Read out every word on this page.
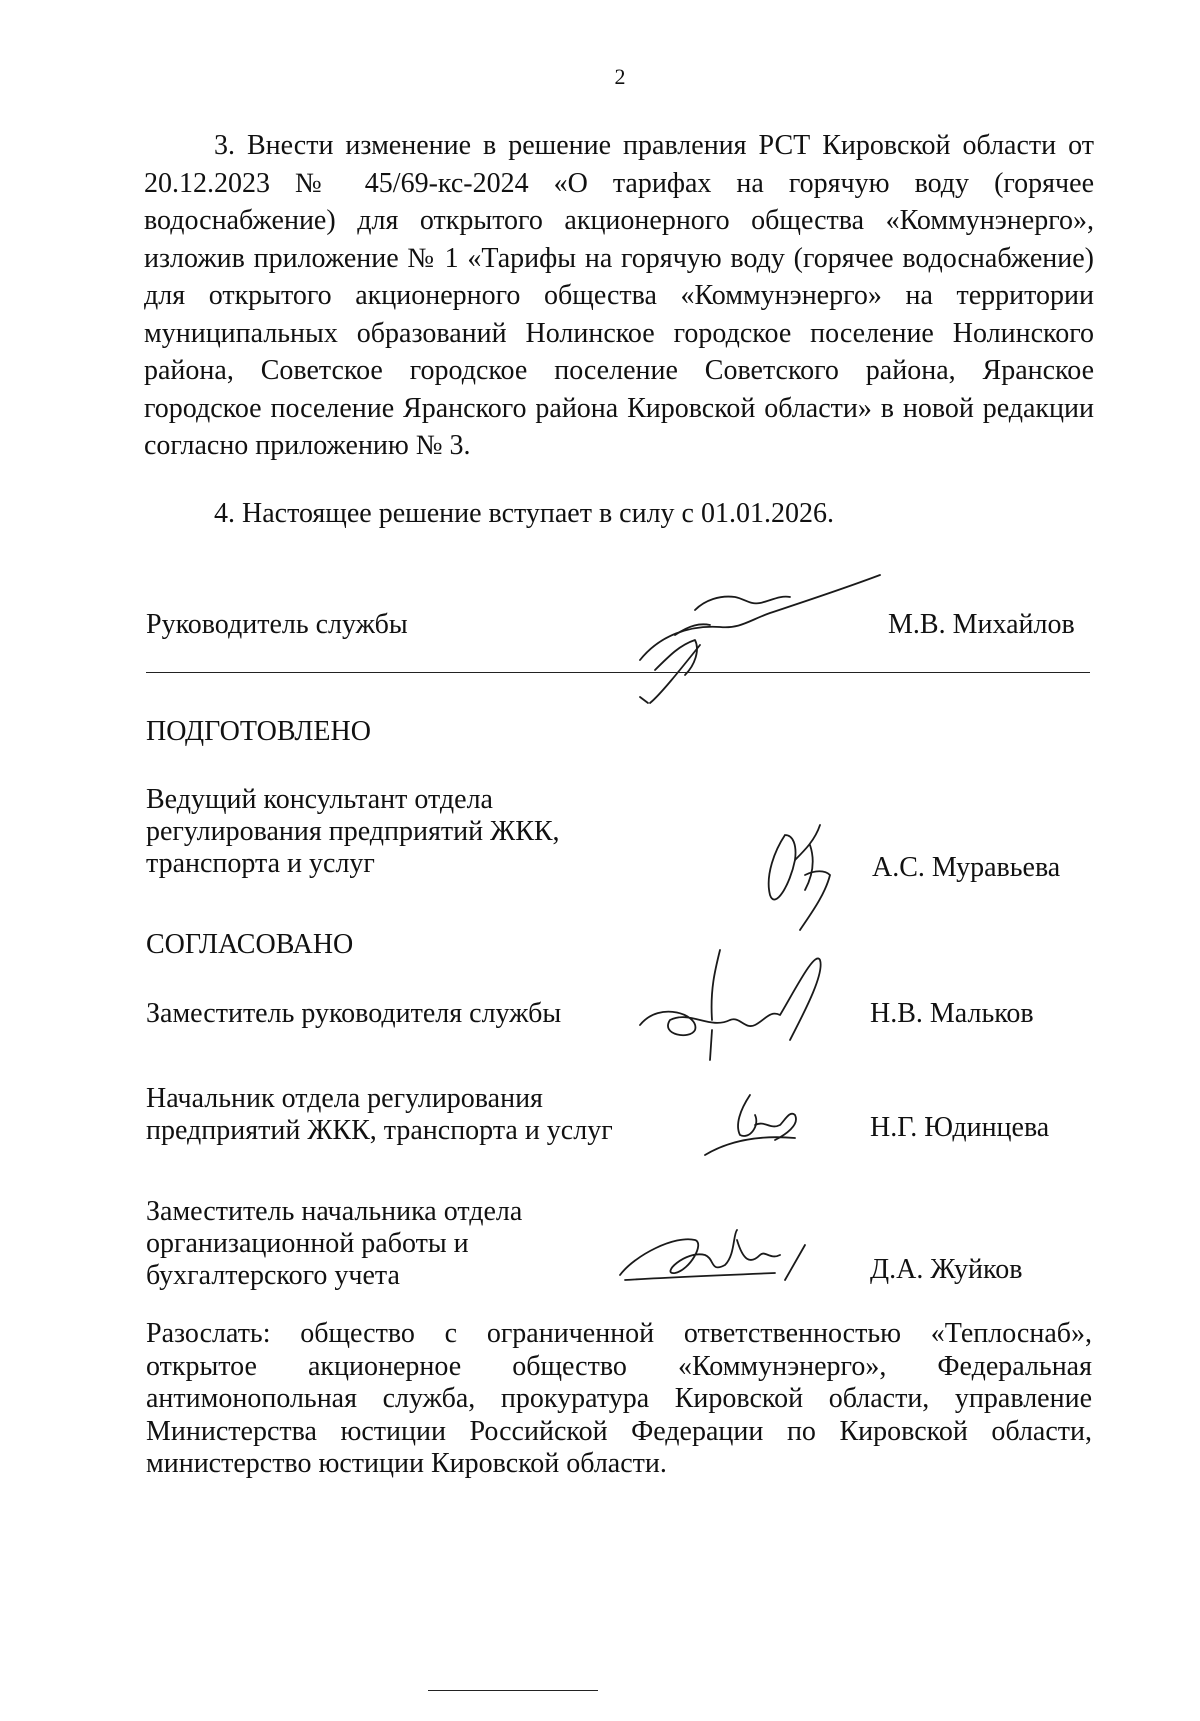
2
3. Внести изменение в решение правления РСТ Кировской области от 20.12.2023 № 45/69-кс-2024 «О тарифах на горячую воду (горячее водоснабжение) для открытого акционерного общества «Коммунэнерго», изложив приложение № 1 «Тарифы на горячую воду (горячее водоснабжение) для открытого акционерного общества «Коммунэнерго» на территории муниципальных образований Нолинское городское поселение Нолинского района, Советское городское поселение Советского района, Яранское городское поселение Яранского района Кировской области» в новой редакции согласно приложению № 3.
4. Настоящее решение вступает в силу с 01.01.2026.
Руководитель службы	М.В. Михайлов
ПОДГОТОВЛЕНО
Ведущий консультант отдела
регулирования предприятий ЖКК,
транспорта и услуг	А.С. Муравьева
СОГЛАСОВАНО
Заместитель руководителя службы	Н.В. Мальков
Начальник отдела регулирования
предприятий ЖКК, транспорта и услуг	Н.Г. Юдинцева
Заместитель начальника отдела
организационной работы и
бухгалтерского учета	Д.А. Жуйков
Разослать: общество с ограниченной ответственностью «Теплоснаб», открытое акционерное общество «Коммунэнерго», Федеральная антимонопольная служба, прокуратура Кировской области, управление Министерства юстиции Российской Федерации по Кировской области, министерство юстиции Кировской области.
